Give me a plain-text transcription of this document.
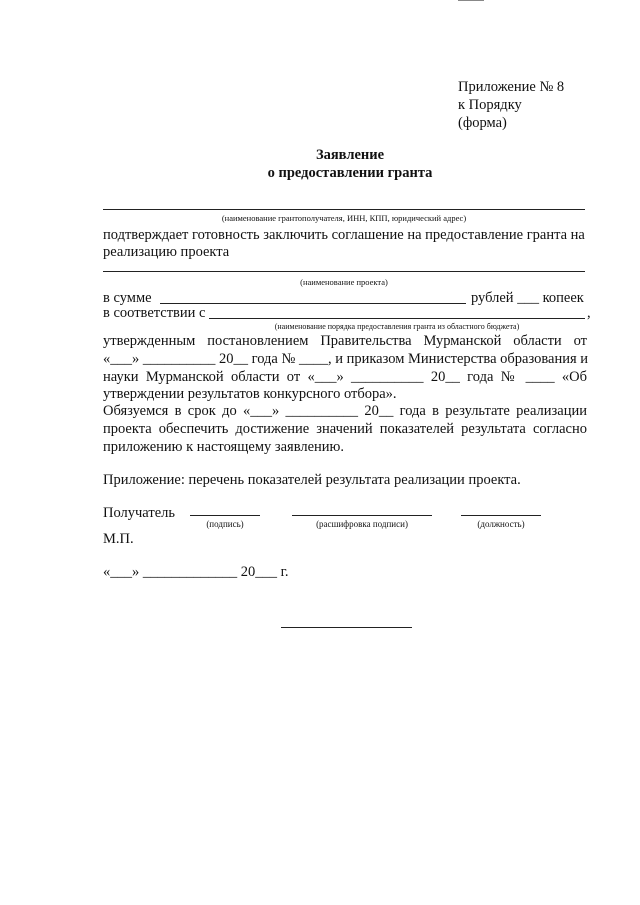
Приложение № 8
к Порядку
(форма)
Заявление
о предоставлении гранта
(наименование грантополучателя, ИНН, КПП, юридический адрес)
подтверждает готовность заключить соглашение на предоставление гранта на
реализацию проекта
(наименование проекта)
в сумме	рублей ___ копеек
в соответствии с	,
(наименование порядка предоставления гранта из областного бюджета)
утвержденным постановлением Правительства Мурманской области от
«___» __________ 20__ года № ____, и приказом Министерства образования и
науки Мурманской области от «___» __________ 20__ года № ____ «Об
утверждении результатов конкурсного отбора».
Обязуемся в срок до «___» __________ 20__ года в результате реализации
проекта обеспечить достижение значений показателей результата согласно
приложению к настоящему заявлению.
Приложение: перечень показателей результата реализации проекта.
Получатель
(подпись)	(расшифровка подписи)	(должность)
М.П.
«___» _____________ 20___ г.
